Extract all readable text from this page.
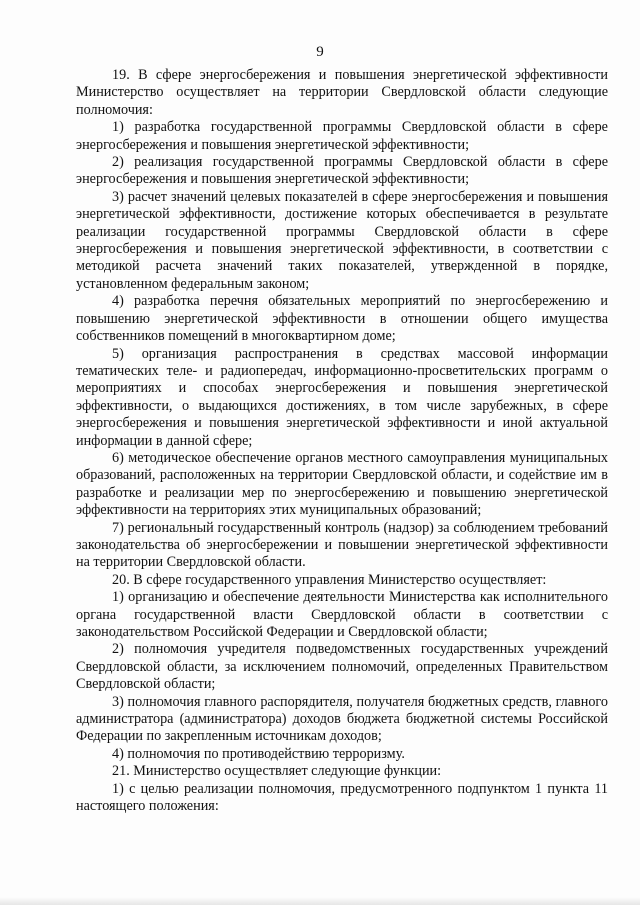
9

19. В сфере энергосбережения и повышения энергетической эффективности Министерство осуществляет на территории Свердловской области следующие полномочия:

1) разработка государственной программы Свердловской области в сфере энергосбережения и повышения энергетической эффективности;

2) реализация государственной программы Свердловской области в сфере энергосбережения и повышения энергетической эффективности;

3) расчет значений целевых показателей в сфере энергосбережения и повышения энергетической эффективности, достижение которых обеспечивается в результате реализации государственной программы Свердловской области в сфере энергосбережения и повышения энергетической эффективности, в соответствии с методикой расчета значений таких показателей, утвержденной в порядке, установленном федеральным законом;

4) разработка перечня обязательных мероприятий по энергосбережению и повышению энергетической эффективности в отношении общего имущества собственников помещений в многоквартирном доме;

5) организация распространения в средствах массовой информации тематических теле- и радиопередач, информационно-просветительских программ о мероприятиях и способах энергосбережения и повышения энергетической эффективности, о выдающихся достижениях, в том числе зарубежных, в сфере энергосбережения и повышения энергетической эффективности и иной актуальной информации в данной сфере;

6) методическое обеспечение органов местного самоуправления муниципальных образований, расположенных на территории Свердловской области, и содействие им в разработке и реализации мер по энергосбережению и повышению энергетической эффективности на территориях этих муниципальных образований;

7) региональный государственный контроль (надзор) за соблюдением требований законодательства об энергосбережении и повышении энергетической эффективности на территории Свердловской области.

20. В сфере государственного управления Министерство осуществляет:

1) организацию и обеспечение деятельности Министерства как исполнительного органа государственной власти Свердловской области в соответствии с законодательством Российской Федерации и Свердловской области;

2) полномочия учредителя подведомственных государственных учреждений Свердловской области, за исключением полномочий, определенных Правительством Свердловской области;

3) полномочия главного распорядителя, получателя бюджетных средств, главного администратора (администратора) доходов бюджета бюджетной системы Российской Федерации по закрепленным источникам доходов;

4) полномочия по противодействию терроризму.

21. Министерство осуществляет следующие функции:

1) с целью реализации полномочия, предусмотренного подпунктом 1 пункта 11 настоящего положения:
